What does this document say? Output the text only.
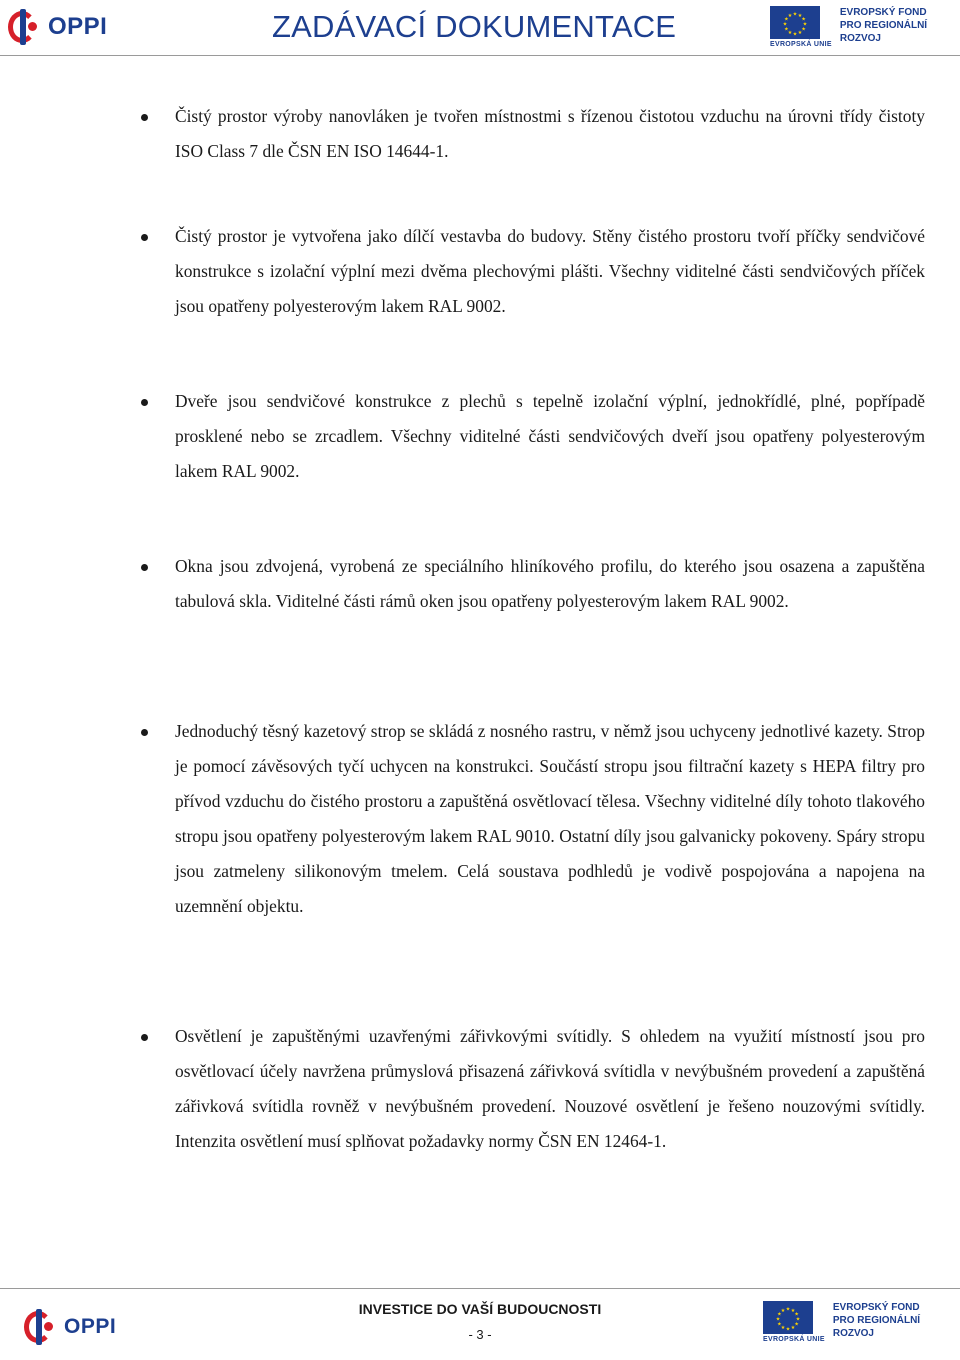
OPPI	ZADÁVACÍ DOKUMENTACE	★ ★
★
★
★
★
★
★
★
★
★
★
EVROPSKÁ UNIE
EVROPSKÝ FOND
PRO REGIONÁLNÍ
ROZVOJ

Čistý prostor výroby nanovláken je tvořen místnostmi s řízenou čistotou vzduchu na úrovni třídy čistoty ISO Class 7 dle ČSN EN ISO 14644-1.

Čistý prostor je vytvořena jako dílčí vestavba do budovy. Stěny čistého prostoru tvoří příčky sendvičové konstrukce s izolační výplní mezi dvěma plechovými plášti. Všechny viditelné části sendvičových příček jsou opatřeny polyesterovým lakem RAL 9002.

Dveře jsou sendvičové konstrukce z plechů s tepelně izolační výplní, jednokřídlé, plné, popřípadě prosklené nebo se zrcadlem. Všechny viditelné části sendvičových dveří jsou opatřeny polyesterovým lakem RAL 9002.

Okna jsou zdvojená, vyrobená ze speciálního hliníkového profilu, do kterého jsou osazena a zapuštěna tabulová skla. Viditelné části rámů oken jsou opatřeny polyesterovým lakem RAL 9002.

Jednoduchý těsný kazetový strop se skládá z nosného rastru, v němž jsou uchyceny jednotlivé kazety. Strop je pomocí závěsových tyčí uchycen na konstrukci. Součástí stropu jsou filtrační kazety s HEPA filtry pro přívod vzduchu do čistého prostoru a zapuštěná osvětlovací tělesa. Všechny viditelné díly tohoto tlakového stropu jsou opatřeny polyesterovým lakem RAL 9010. Ostatní díly jsou galvanicky pokoveny. Spáry stropu jsou zatmeleny silikonovým tmelem. Celá soustava podhledů je vodivě pospojována a napojena na uzemnění objektu.

Osvětlení je zapuštěnými uzavřenými zářivkovými svítidly. S ohledem na využití místností jsou pro osvětlovací účely navržena průmyslová přisazená zářivková svítidla v nevýbušném provedení a zapuštěná zářivková svítidla rovněž v nevýbušném provedení. Nouzové osvětlení je řešeno nouzovými svítidly. Intenzita osvětlení musí splňovat požadavky normy ČSN EN 12464-1.

OPPI
INVESTICE DO VAŠÍ BUDOUCNOSTI
- 3 -
★ ★
★
★
★
★
★
★
★
★
★
★
EVROPSKÁ UNIE
EVROPSKÝ FOND
PRO REGIONÁLNÍ
ROZVOJ
